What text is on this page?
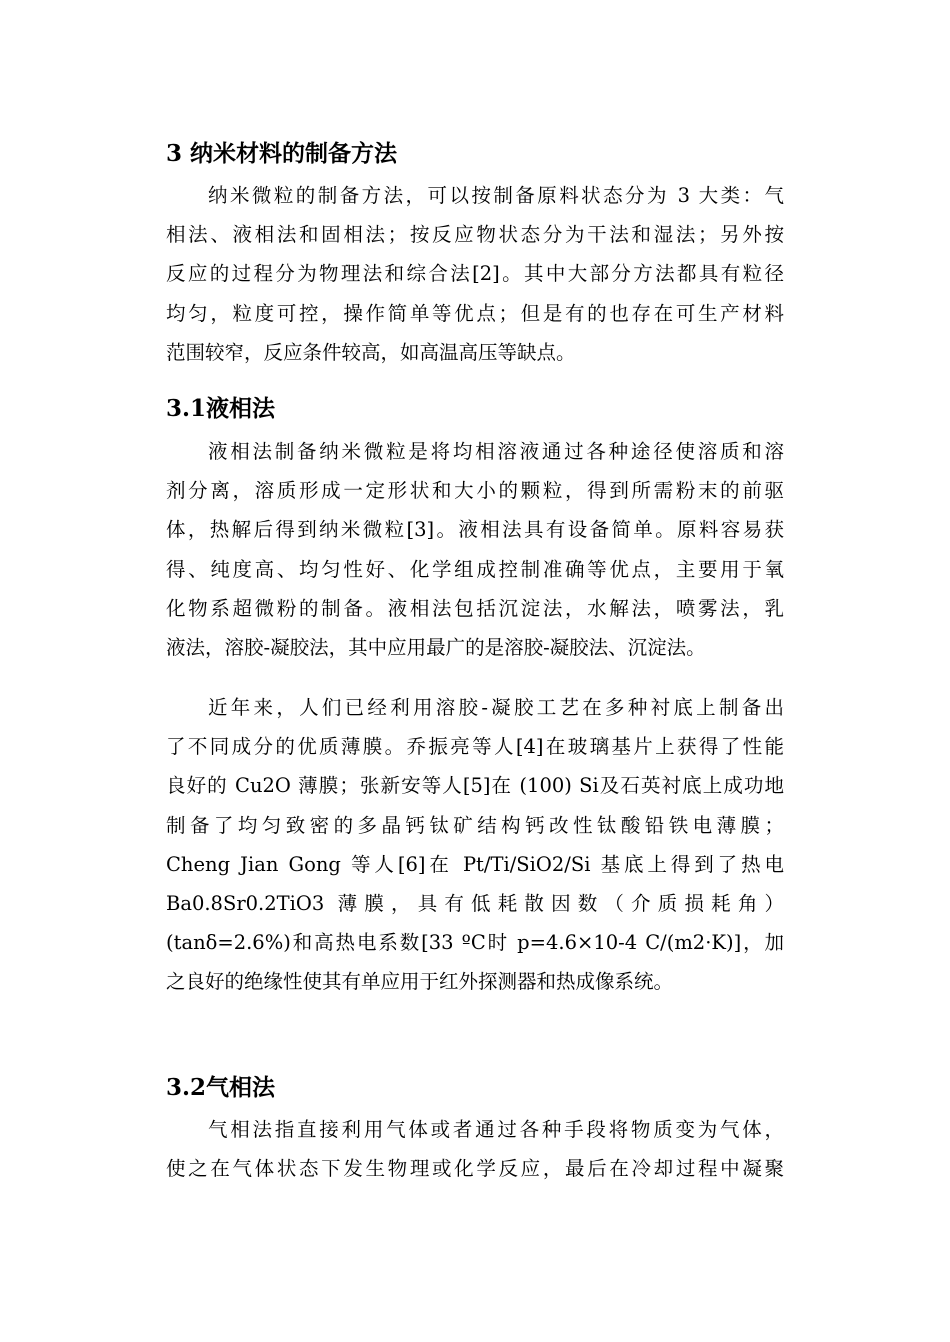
3 纳米材料的制备方法
纳米微粒的制备方法，可以按制备原料状态分为 3 大类：气
相法、液相法和固相法；按反应物状态分为干法和湿法；另外按
反应的过程分为物理法和综合法[2]。其中大部分方法都具有粒径
均匀，粒度可控，操作简单等优点；但是有的也存在可生产材料
范围较窄，反应条件较高，如高温高压等缺点。
3.1液相法
液相法制备纳米微粒是将均相溶液通过各种途径使溶质和溶
剂分离，溶质形成一定形状和大小的颗粒，得到所需粉末的前驱
体，热解后得到纳米微粒[3]。液相法具有设备简单。原料容易获
得、纯度高、均匀性好、化学组成控制准确等优点，主要用于氧
化物系超微粉的制备。液相法包括沉淀法，水解法，喷雾法，乳
液法，溶胶-凝胶法，其中应用最广的是溶胶-凝胶法、沉淀法。
近年来，人们已经利用溶胶-凝胶工艺在多种衬底上制备出
了不同成分的优质薄膜。乔振亮等人[4]在玻璃基片上获得了性能
良好的 Cu2O 薄膜；张新安等人[5]在 (100) Si及石英衬底上成功地
制备了均匀致密的多晶钙钛矿结构钙改性钛酸铅铁电薄膜；
Cheng Jian Gong 等人[6]在 Pt/Ti/SiO2/Si 基底上得到了热电
Ba0.8Sr0.2TiO3 薄膜，具有低耗散因数（介质损耗角）
(tanδ=2.6%)和高热电系数[33 ºC时 p=4.6×10-4 C/(m2·K)]，加
之良好的绝缘性使其有单应用于红外探测器和热成像系统。
3.2气相法
气相法指直接利用气体或者通过各种手段将物质变为气体，
使之在气体状态下发生物理或化学反应，最后在冷却过程中凝聚
